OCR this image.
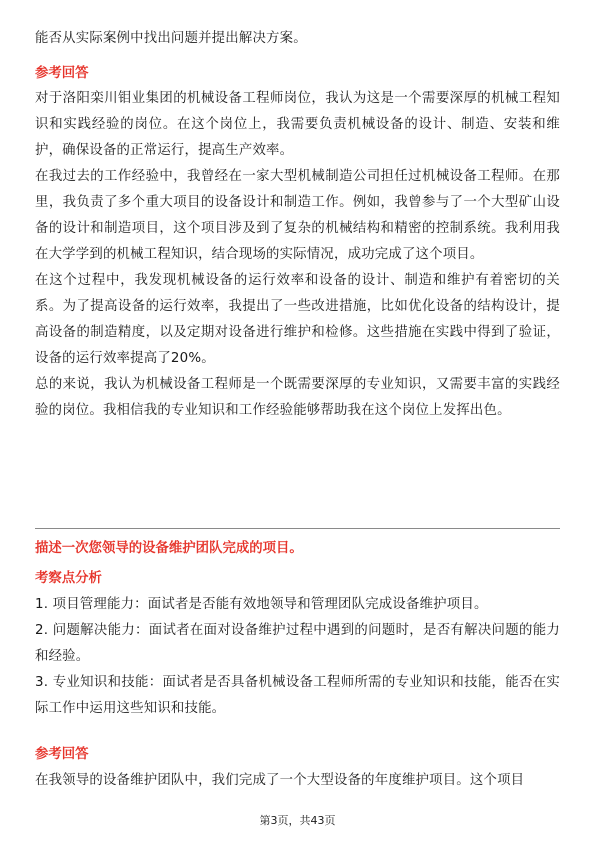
能否从实际案例中找出问题并提出解决方案。

参考回答

对于洛阳栾川钼业集团的机械设备工程师岗位，我认为这是一个需要深厚的机械工程知识和实践经验的岗位。在这个岗位上，我需要负责机械设备的设计、制造、安装和维护，确保设备的正常运行，提高生产效率。

在我过去的工作经验中，我曾经在一家大型机械制造公司担任过机械设备工程师。在那里，我负责了多个重大项目的设备设计和制造工作。例如，我曾参与了一个大型矿山设备的设计和制造项目，这个项目涉及到了复杂的机械结构和精密的控制系统。我利用我在大学学到的机械工程知识，结合现场的实际情况，成功完成了这个项目。

在这个过程中，我发现机械设备的运行效率和设备的设计、制造和维护有着密切的关系。为了提高设备的运行效率，我提出了一些改进措施，比如优化设备的结构设计，提高设备的制造精度，以及定期对设备进行维护和检修。这些措施在实践中得到了验证，设备的运行效率提高了20%。

总的来说，我认为机械设备工程师是一个既需要深厚的专业知识，又需要丰富的实践经验的岗位。我相信我的专业知识和工作经验能够帮助我在这个岗位上发挥出色。

描述一次您领导的设备维护团队完成的项目。

考察点分析

1. 项目管理能力：面试者是否能有效地领导和管理团队完成设备维护项目。

2. 问题解决能力：面试者在面对设备维护过程中遇到的问题时，是否有解决问题的能力和经验。

3. 专业知识和技能：面试者是否具备机械设备工程师所需的专业知识和技能，能否在实际工作中运用这些知识和技能。

参考回答

在我领导的设备维护团队中，我们完成了一个大型设备的年度维护项目。这个项目

第3页，共43页
